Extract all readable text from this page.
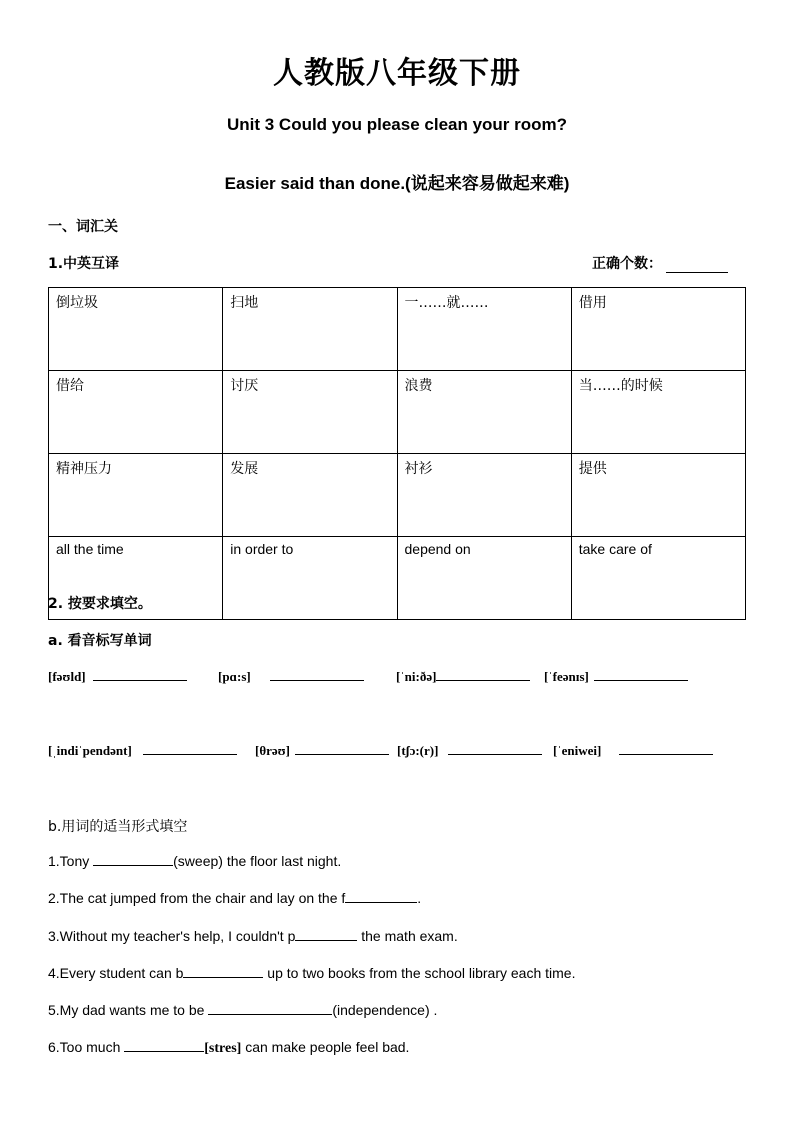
人教版八年级下册
Unit 3 Could you please clean your room?
Easier said than done.(说起来容易做起来难)
一、词汇关
1.中英互译	正确个数：
倒垃圾	扫地	一……就……	借用
借给	讨厌	浪费	当……的时候
精神压力	发展	衬衫	提供
all the time	in order to	depend on	take care of
2. 按要求填空。
a. 看音标写单词
[fəʊld]	[pɑ:s]	[ˈni:ðə]	[ˈfeənɪs]
[ˌindiˈpendənt]	[θrəʊ]	[tʃɔ:(r)]	[ˈeniwei]
b.用词的适当形式填空
1.Tony	(sweep) the floor last night.
2.The cat jumped from the chair and lay on the f	.
3.Without my teacher's help, I couldn't p	the math exam.
4.Every student can b	up to two books from the school library each time.
5.My dad wants me to be	(independence) .
6.Too much	[stres] can make people feel bad.
